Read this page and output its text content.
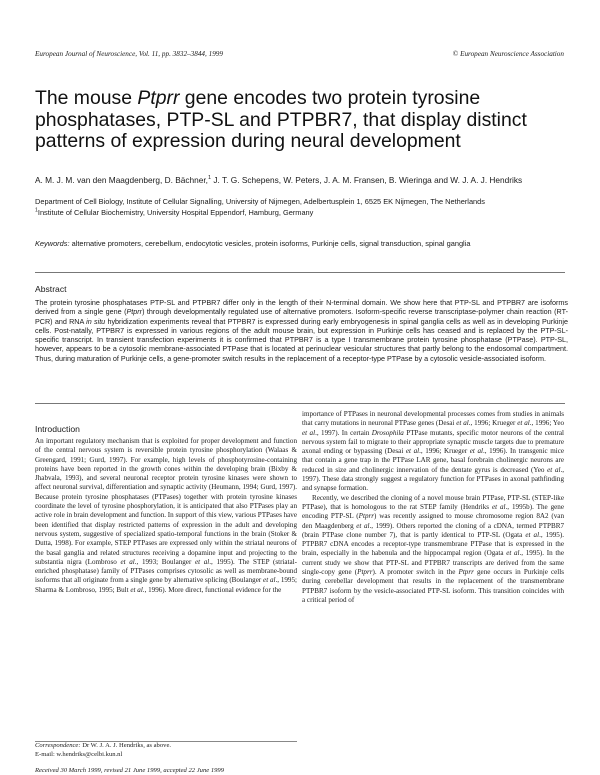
European Journal of Neuroscience, Vol. 11, pp. 3832–3844, 1999	© European Neuroscience Association
The mouse Ptprr gene encodes two protein tyrosine phosphatases, PTP-SL and PTPBR7, that display distinct patterns of expression during neural development
A. M. J. M. van den Maagdenberg, D. Bächner,$^1$ J. T. G. Schepens, W. Peters, J. A. M. Fransen, B. Wieringa and W. J. A. J. Hendriks
Department of Cell Biology, Institute of Cellular Signalling, University of Nijmegen, Adelbertusplein 1, 6525 EK Nijmegen, The Netherlands
$^1$Institute of Cellular Biochemistry, University Hospital Eppendorf, Hamburg, Germany
Keywords: alternative promoters, cerebellum, endocytotic vesicles, protein isoforms, Purkinje cells, signal transduction, spinal ganglia
Abstract
The protein tyrosine phosphatases PTP-SL and PTPBR7 differ only in the length of their N-terminal domain. We show here that PTP-SL and PTPBR7 are isoforms derived from a single gene (Ptprr) through developmentally regulated use of alternative promoters. Isoform-specific reverse transcriptase-polymer chain reaction (RT-PCR) and RNA in situ hybridization experiments reveal that PTPBR7 is expressed during early embryogenesis in spinal ganglia cells as well as in developing Purkinje cells. Post-natally, PTPBR7 is expressed in various regions of the adult mouse brain, but expression in Purkinje cells has ceased and is replaced by the PTP-SL-specific transcript. In transient transfection experiments it is confirmed that PTPBR7 is a type I transmembrane protein tyrosine phosphatase (PTPase). PTP-SL, however, appears to be a cytosolic membrane-associated PTPase that is located at perinuclear vesicular structures that partly belong to the endosomal compartment. Thus, during maturation of Purkinje cells, a gene-promoter switch results in the replacement of a receptor-type PTPase by a cytosolic vesicle-associated isoform.
Introduction

An important regulatory mechanism that is exploited for proper development and function of the central nervous system is reversible protein tyrosine phosphorylation (Walaas & Greengard, 1991; Gurd, 1997). For example, high levels of phosphotyrosine-containing proteins have been reported in the growth cones within the developing brain (Bixby & Jhabvala, 1993), and several neuronal receptor protein tyrosine kinases were shown to affect neuronal survival, differentiation and synaptic activity (Heumann, 1994; Gurd, 1997). Because protein tyrosine phosphatases (PTPases) together with protein tyrosine kinases coordinate the level of tyrosine phosphorylation, it is anticipated that also PTPases play an active role in brain development and function. In support of this view, various PTPases have been identified that display restricted patterns of expression in the adult and developing nervous system, suggestive of specialized spatio-temporal functions in the brain (Stoker & Dutta, 1998). For example, STEP PTPases are expressed only within the striatal neurons of the basal ganglia and related structures receiving a dopamine input and projecting to the substantia nigra (Lombroso et al., 1993; Boulanger et al., 1995). The STEP (striatal-enriched phosphatase) family of PTPases comprises cytosolic as well as membrane-bound isoforms that all originate from a single gene by alternative splicing (Boulanger et al., 1995; Sharma & Lombroso, 1995; Bult et al., 1996). More direct, functional evidence for the

importance of PTPases in neuronal developmental processes comes from studies in animals that carry mutations in neuronal PTPase genes (Desai et al., 1996; Krueger et al., 1996; Yeo et al., 1997). In certain Drosophila PTPase mutants, specific motor neurons of the central nervous system fail to migrate to their appropriate synaptic muscle targets due to premature axonal ending or bypassing (Desai et al., 1996; Krueger et al., 1996). In transgenic mice that contain a gene trap in the PTPase LAR gene, basal forebrain cholinergic neurons are reduced in size and cholinergic innervation of the dentate gyrus is decreased (Yeo et al., 1997). These data strongly suggest a regulatory function for PTPases in axonal pathfinding and synapse formation.

Recently, we described the cloning of a novel mouse brain PTPase, PTP-SL (STEP-like PTPase), that is homologous to the rat STEP family (Hendriks et al., 1995b). The gene encoding PTP-SL (Ptprr) was recently assigned to mouse chromosome region 8A2 (van den Maagdenberg et al., 1999). Others reported the cloning of a cDNA, termed PTPBR7 (brain PTPase clone number 7), that is partly identical to PTP-SL (Ogata et al., 1995). PTPBR7 cDNA encodes a receptor-type transmembrane PTPase that is expressed in the brain, especially in the habenula and the hippocampal region (Ogata et al., 1995). In the current study we show that PTP-SL and PTPBR7 transcripts are derived from the same single-copy gene (Ptprr). A promoter switch in the Ptprr gene occurs in Purkinje cells during cerebellar development that results in the replacement of the transmembrane PTPBR7 isoform by the vesicle-associated PTP-SL isoform. This transition coincides with a critical period of

Correspondence: Dr W. J. A. J. Hendriks, as above.
E-mail: w.hendriks@celbi.kun.nl
Received 30 March 1999, revised 21 June 1999, accepted 22 June 1999
